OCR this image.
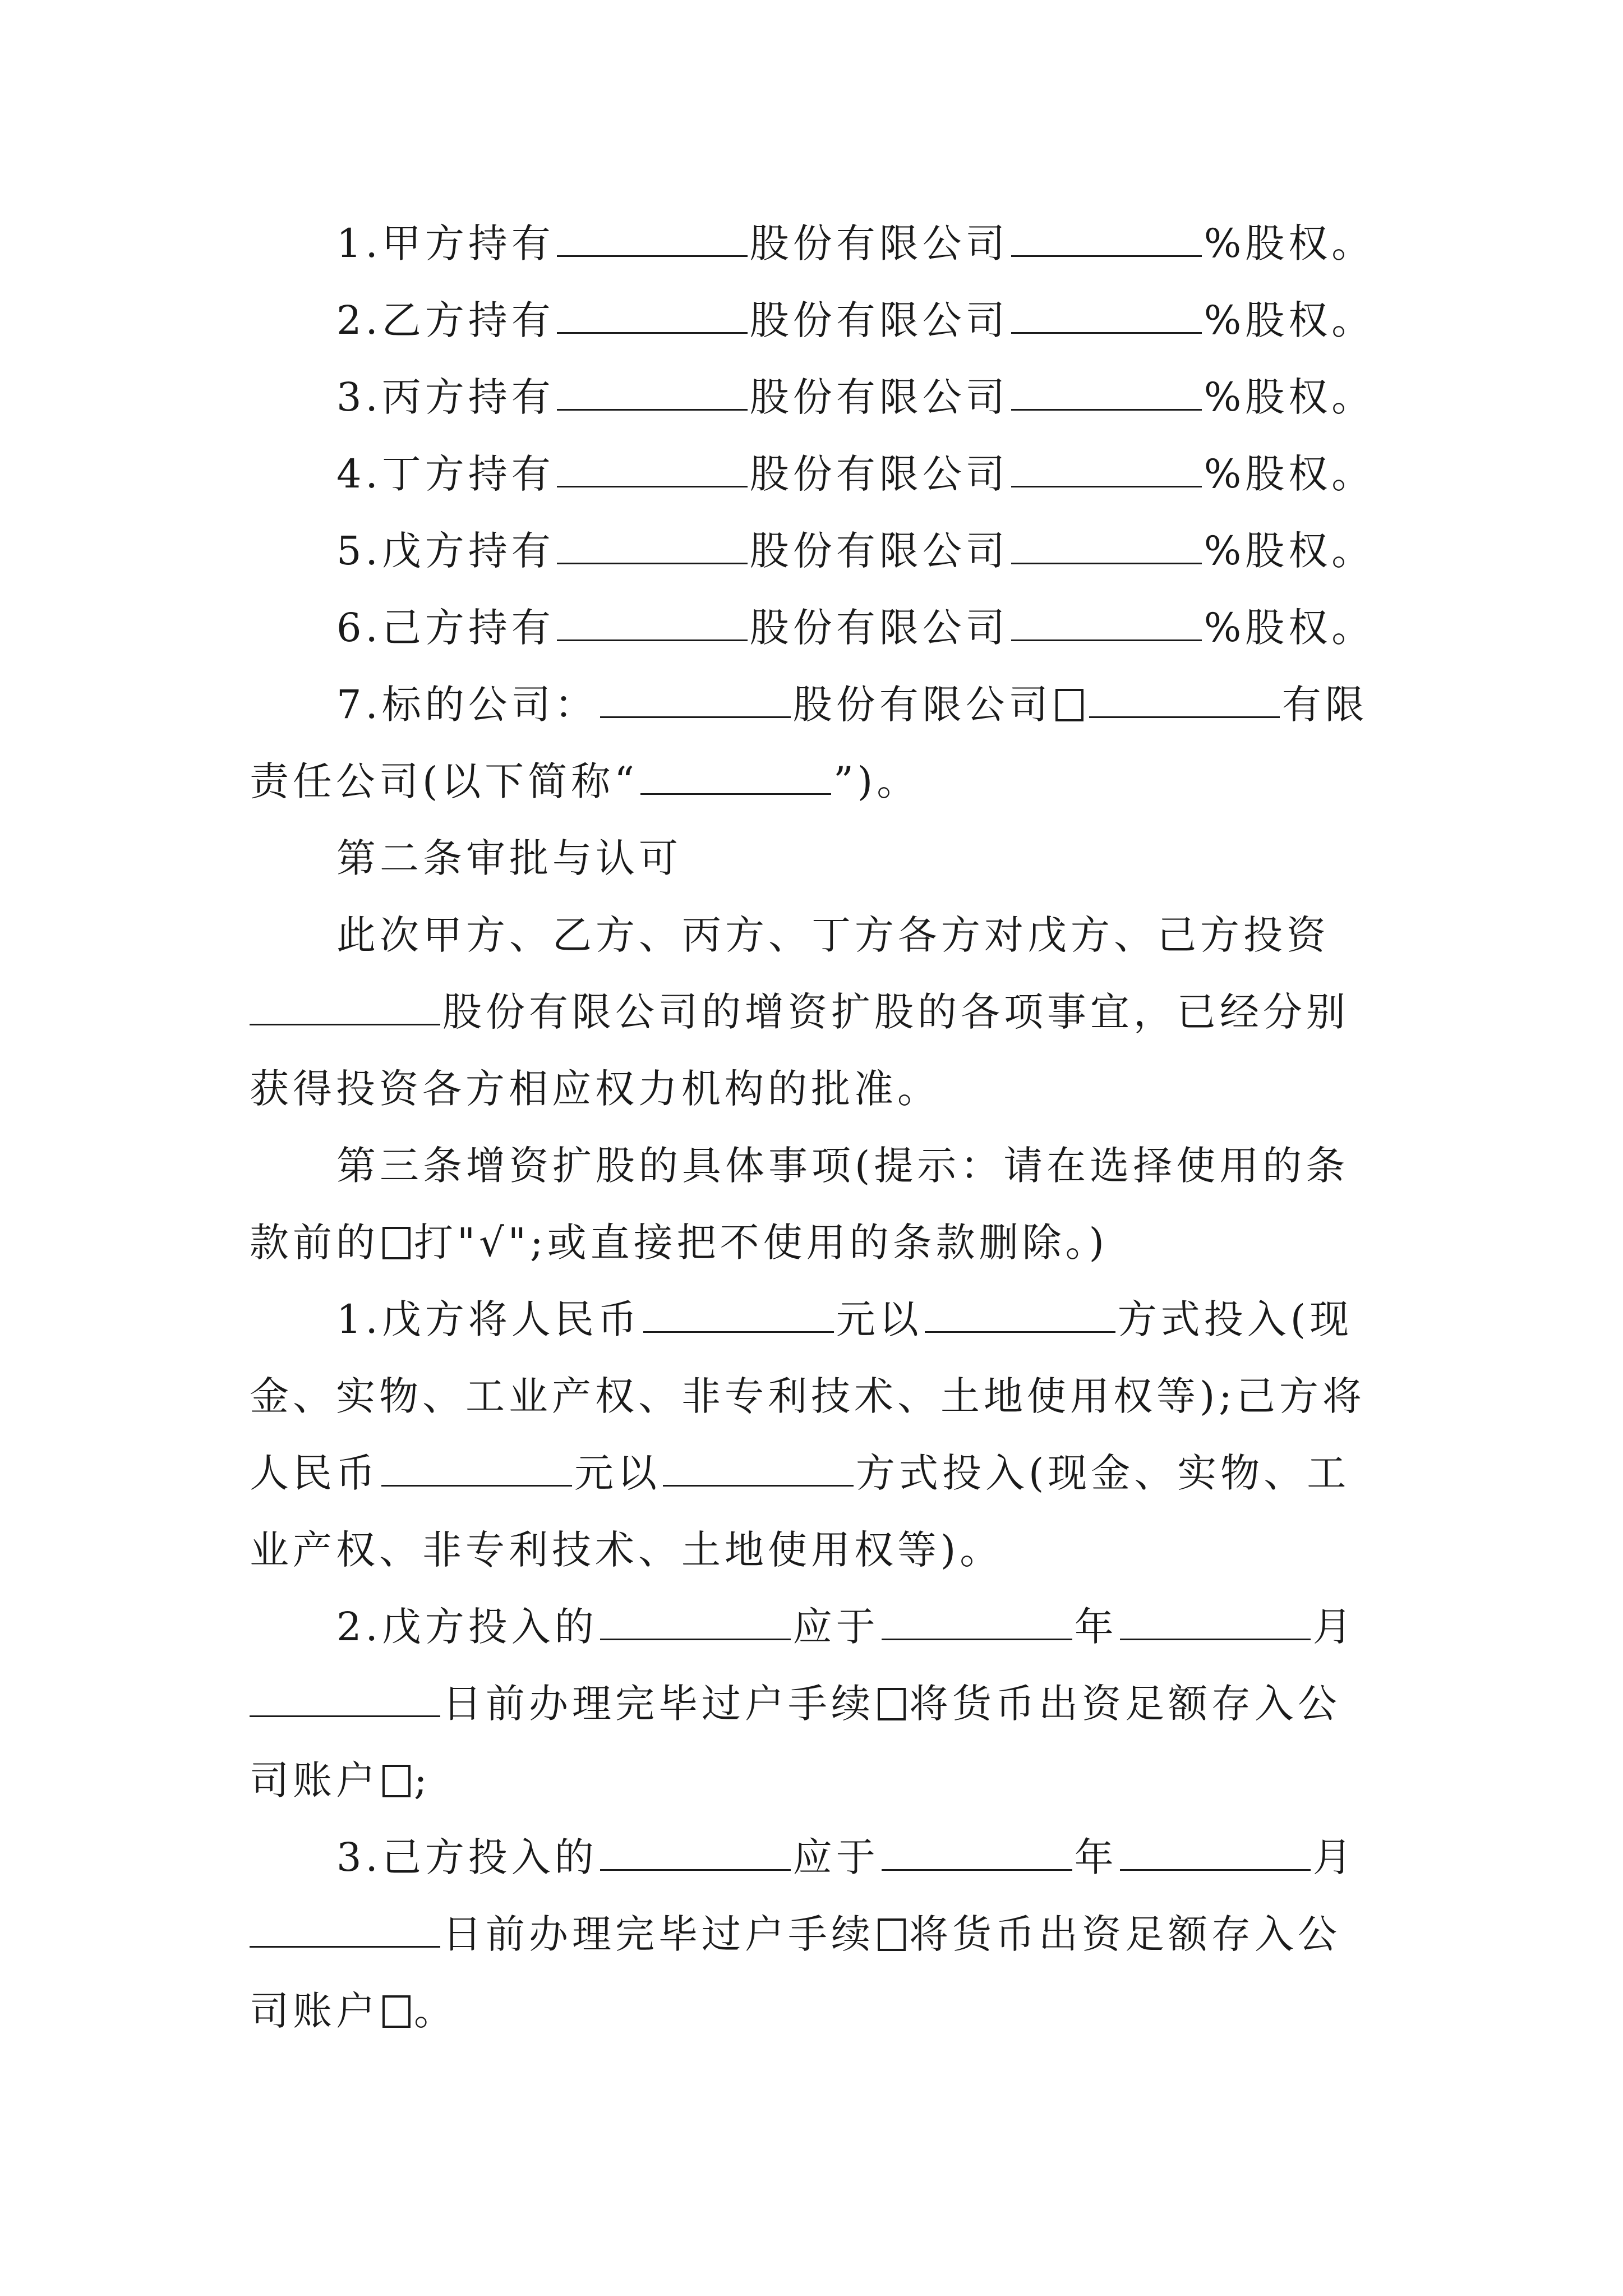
1.甲方持有	股份有限公司	%股权。

2.乙方持有	股份有限公司	%股权。

3.丙方持有	股份有限公司	%股权。

4.丁方持有	股份有限公司	%股权。

5.戊方持有	股份有限公司	%股权。

6.己方持有	股份有限公司	%股权。

7.标的公司：	股份有限公司	有限
责任公司(以下简称“	”)。

第二条审批与认可

此次甲方、乙方、丙方、丁方各方对戊方、己方投资
股份有限公司的增资扩股的各项事宜，已经分别
获得投资各方相应权力机构的批准。
第三条增资扩股的具体事项(提示：请在选择使用的条
款前的 打"√";或直接把不使用的条款删除。)
1.戊方将人民币	元以	方式投入(现
金、实物、工业产权、非专利技术、土地使用权等);己方将
人民币	元以	方式投入(现金、实物、工
业产权、非专利技术、土地使用权等)。
2.戊方投入的	应于	年	月
日前办理完毕过户手续 将货币出资足额存入公
司账户 ;
3.己方投入的	应于	年	月
日前办理完毕过户手续 将货币出资足额存入公
司账户 。
